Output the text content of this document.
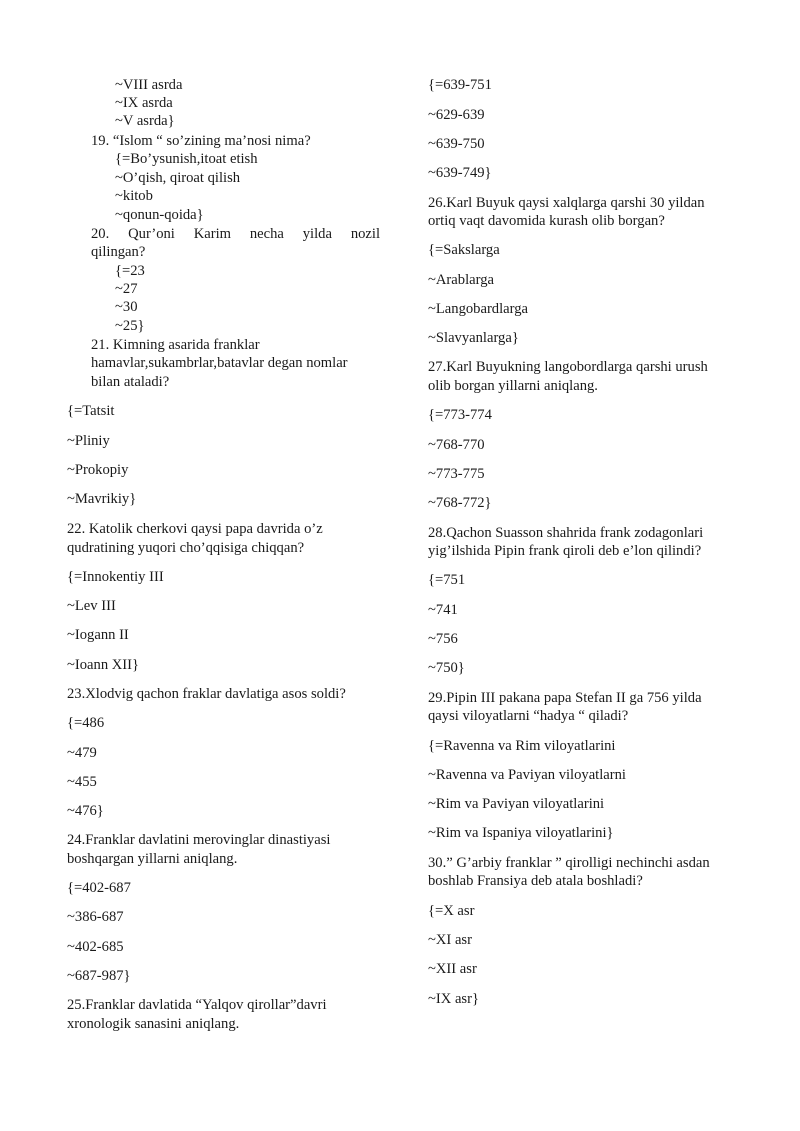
~VIII asrda
~IX asrda
~V asrda}
19. “Islom “ so’zining ma’nosi nima?
{=Bo’ysunish,itoat etish
~O’qish, qiroat qilish
~kitob
~qonun-qoida}
20. Qur’oni Karim necha yilda nozil
qilingan?
{=23
~27
~30
~25}
21. Kimning asarida franklar
hamavlar,sukambrlar,batavlar degan nomlar
bilan ataladi?
{=Tatsit
~Pliniy
~Prokopiy
~Mavrikiy}
22. Katolik cherkovi qaysi papa davrida o’z
qudratining yuqori cho’qqisiga chiqqan?
{=Innokentiy III
~Lev III
~Iogann II
~Ioann XII}
23.Xlodvig qachon fraklar davlatiga asos soldi?
{=486
~479
~455
~476}
24.Franklar davlatini merovinglar dinastiyasi
boshqargan yillarni aniqlang.
{=402-687
~386-687
~402-685
~687-987}
25.Franklar davlatida “Yalqov qirollar”davri
xronologik sanasini aniqlang.
{=639-751
~629-639
~639-750
~639-749}
26.Karl Buyuk qaysi xalqlarga qarshi 30 yildan
ortiq vaqt davomida kurash olib borgan?
{=Sakslarga
~Arablarga
~Langobardlarga
~Slavyanlarga}
27.Karl Buyukning langobordlarga qarshi urush
olib borgan yillarni aniqlang.
{=773-774
~768-770
~773-775
~768-772}
28.Qachon Suasson shahrida frank zodagonlari
yig’ilshida Pipin frank qiroli deb e’lon qilindi?
{=751
~741
~756
~750}
29.Pipin III pakana papa Stefan II ga 756 yilda
qaysi viloyatlarni “hadya “ qiladi?
{=Ravenna va Rim viloyatlarini
~Ravenna va Paviyan viloyatlarni
~Rim va Paviyan viloyatlarini
~Rim va Ispaniya viloyatlarini}
30.” G’arbiy franklar ” qirolligi nechinchi asdan
boshlab Fransiya deb atala boshladi?
{=X asr
~XI asr
~XII asr
~IX asr}
